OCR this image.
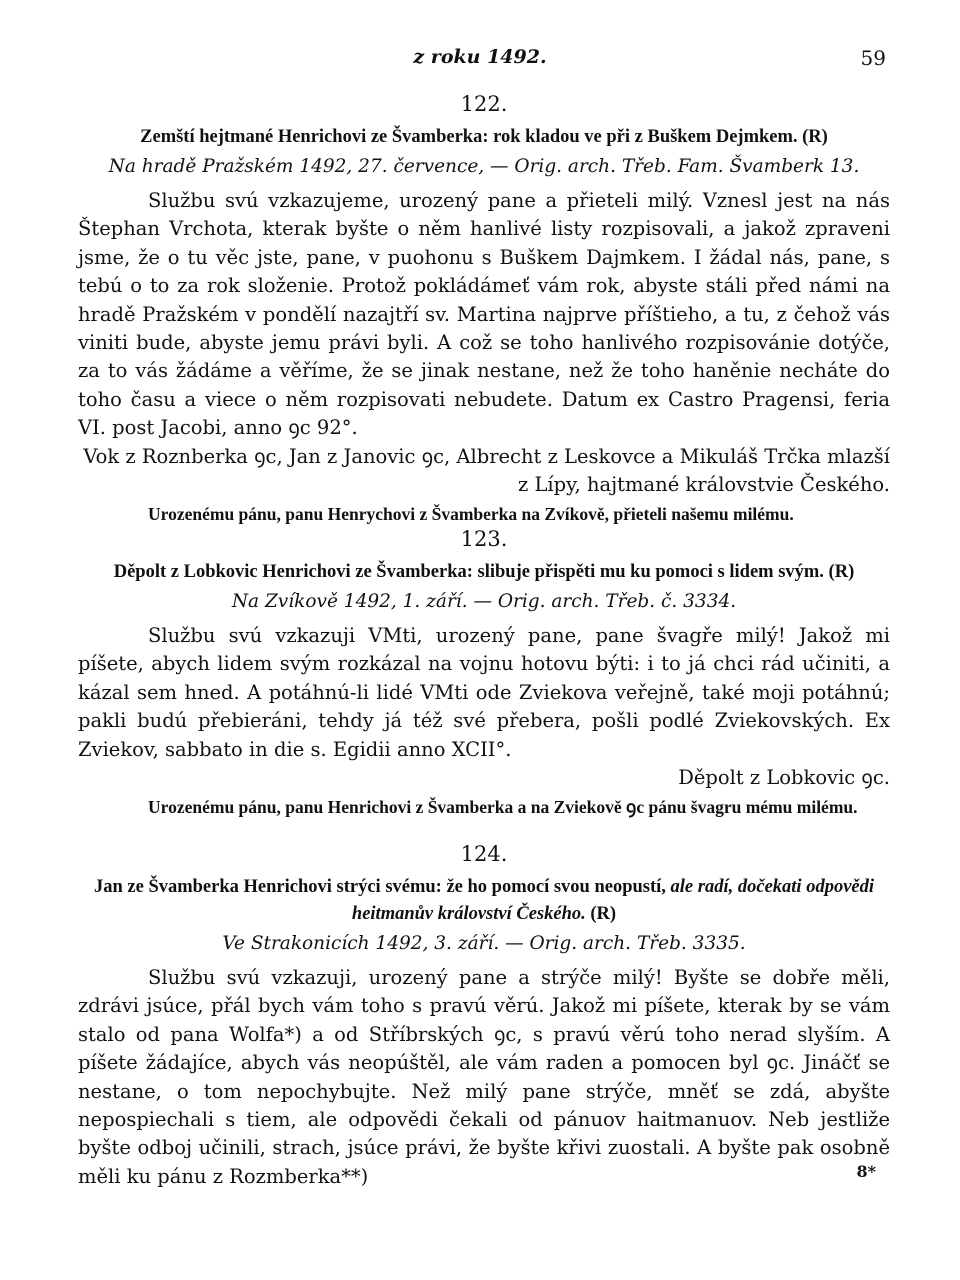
z roku 1492.	59
122.

Zemští hejtmané Henrichovi ze Švamberka: rok kladou ve při z Buškem Dejmkem. (R)

Na hradě Pražském 1492, 27. července, — Orig. arch. Třeb. Fam. Švamberk 13.

Službu svú vzkazujeme, urozený pane a přieteli milý. Vznesl jest na nás Štephan Vrchota, kterak byšte o něm hanlivé listy rozpisovali, a jakož zpraveni jsme, že o tu věc jste, pane, v puohonu s Buškem Dajmkem. I žádal nás, pane, s tebú o to za rok složenie. Protož pokládámeť vám rok, abyste stáli před námi na hradě Pražském v pondělí nazajtří sv. Martina najprve příštieho, a tu, z čehož vás viniti bude, abyste jemu právi byli. A což se toho hanlivého rozpisovánie dotýče, za to vás žádáme a věříme, že se jinak nestane, než že toho haněnie necháte do toho času a viece o něm rozpisovati nebudete. Datum ex Castro Pragensi, feria VI. post Jacobi, anno ꝯc 92°.

Vok z Roznberka ꝯc, Jan z Janovic ꝯc, Albrecht z Leskovce a Mikuláš Trčka mlazší z Lípy, hajtmané královstvie Českého.

Urozenému pánu, panu Henrychovi z Švamberka na Zvíkově, přieteli našemu milému.

123.

Děpolt z Lobkovic Henrichovi ze Švamberka: slibuje přispěti mu ku pomoci s lidem svým. (R)

Na Zvíkově 1492, 1. září. — Orig. arch. Třeb. č. 3334.

Službu svú vzkazuji VMti, urozený pane, pane švagře milý! Jakož mi píšete, abych lidem svým rozkázal na vojnu hotovu býti: i to já chci rád učiniti, a kázal sem hned. A potáhnú-li lidé VMti ode Zviekova veřejně, také moji potáhnú; pakli budú přebieráni, tehdy já též své přebera, pošli podlé Zviekovských. Ex Zviekov, sabbato in die s. Egidii anno XCII°.

Děpolt z Lobkovic ꝯc.

Urozenému pánu, panu Henrichovi z Švamberka a na Zviekově ꝯc pánu švagru mému milému.

124.

Jan ze Švamberka Henrichovi strýci svému: že ho pomocí svou neopustí, ale radí, dočekati odpovědi heitmanův království Českého. (R)

Ve Strakonicích 1492, 3. září. — Orig. arch. Třeb. 3335.

Službu svú vzkazuji, urozený pane a strýče milý! Byšte se dobře měli, zdrávi jsúce, přál bych vám toho s pravú věrú. Jakož mi píšete, kterak by se vám stalo od pana Wolfa*) a od Stříbrských ꝯc, s pravú věrú toho nerad slyším. A píšete žádajíce, abych vás neopúštěl, ale vám raden a pomocen byl ꝯc. Jináčť se nestane, o tom nepochybujte. Než milý pane strýče, mněť se zdá, abyšte nepospiechali s tiem, ale odpovědi čekali od pánuov haitmanuov. Neb jestliže byšte odboj učinili, strach, jsúce právi, že byšte křivi zuostali. A byšte pak osobně měli ku pánu z Rozmberka**)	8*
